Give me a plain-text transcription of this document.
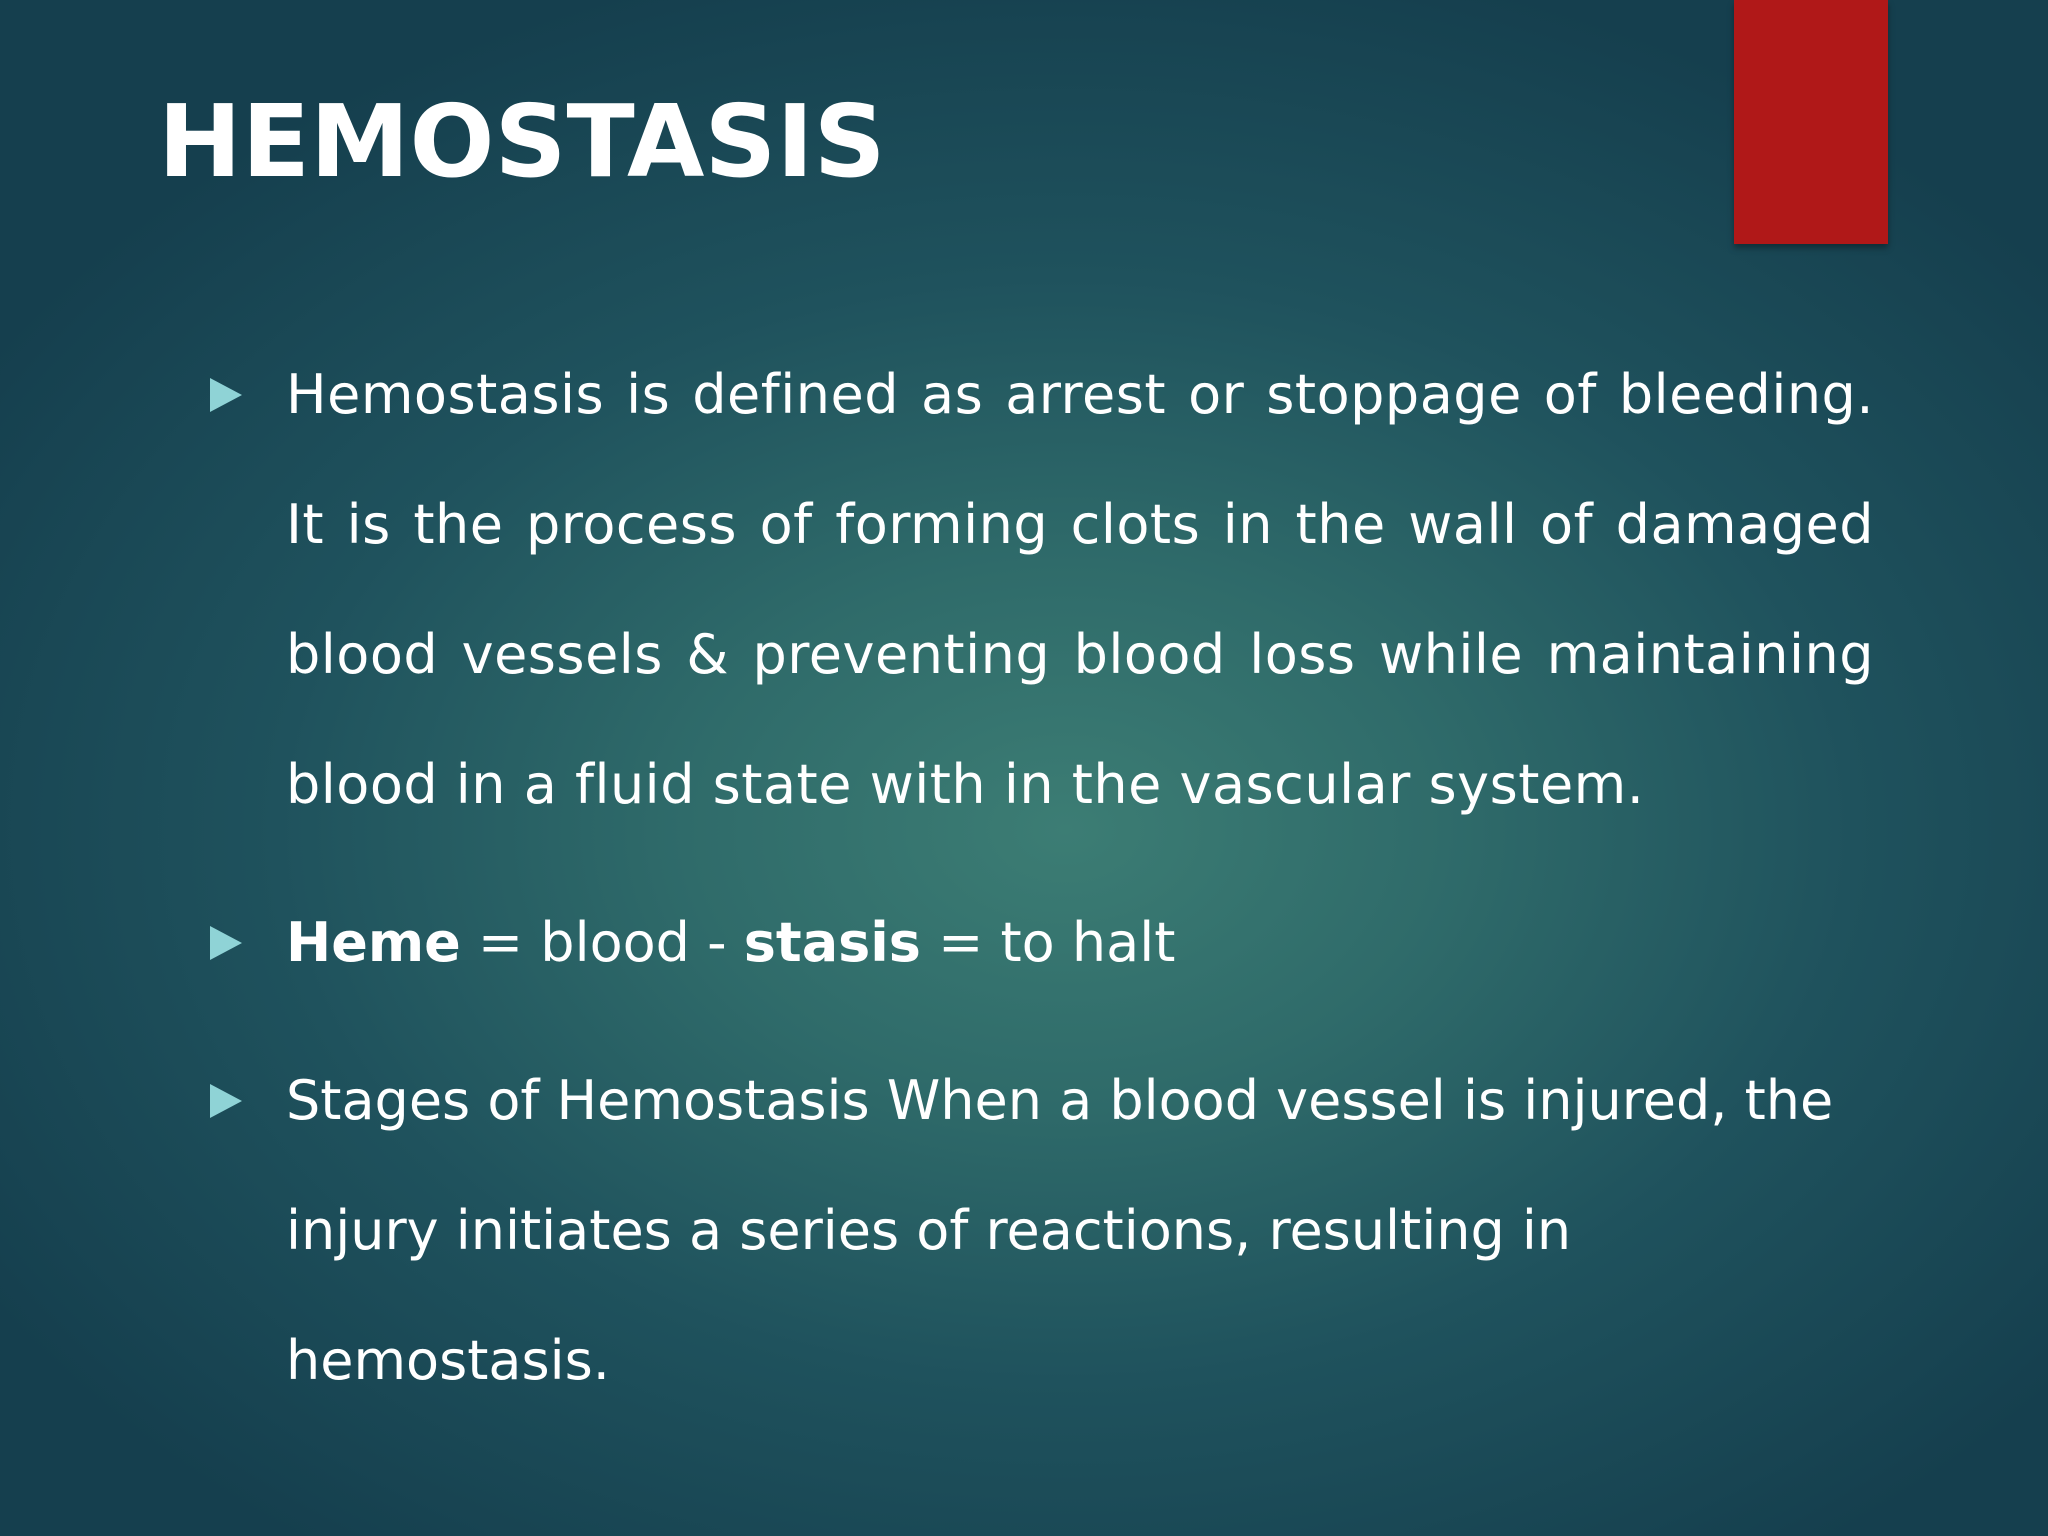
HEMOSTASIS

Hemostasis is defined as arrest or stoppage of bleeding. It is the process of forming clots in the wall of damaged blood vessels & preventing blood loss while maintaining blood in a fluid state with in the vascular system.

Heme = blood - stasis = to halt

Stages of Hemostasis When a blood vessel is injured, the injury initiates a series of reactions, resulting in hemostasis.
